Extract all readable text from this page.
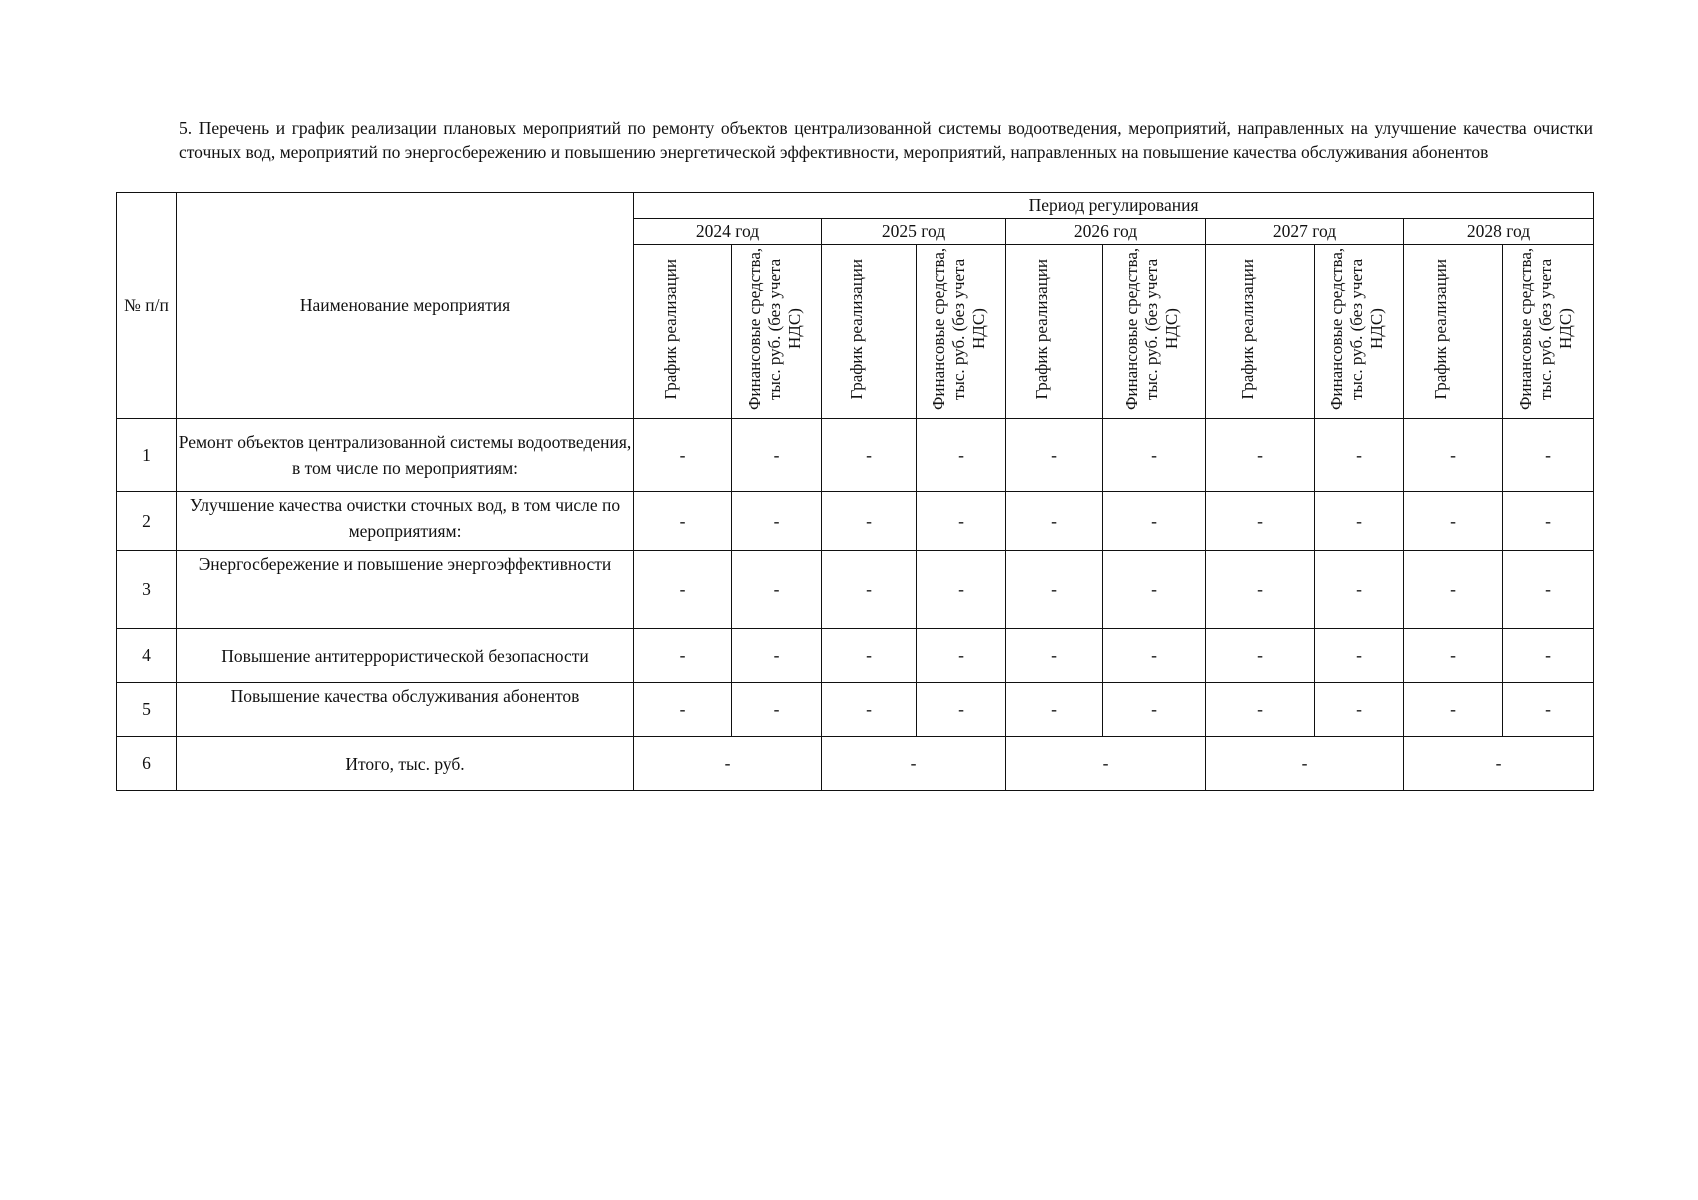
5. Перечень и график реализации плановых мероприятий по ремонту объектов централизованной системы водоотведения, мероприятий, направленных на улучшение качества очистки сточных вод, мероприятий по энергосбережению и повышению энергетической эффективности, мероприятий, направленных на повышение качества обслуживания абонентов
№ п/п	Наименование мероприятия	Период регулирования									
		2024 год		2025 год		2026 год		2027 год		2028 год	
		График реализации	Финансовые средства, тыс. руб. (без учета НДС)	График реализации	Финансовые средства, тыс. руб. (без учета НДС)	График реализации	Финансовые средства, тыс. руб. (без учета НДС)	График реализации	Финансовые средства, тыс. руб. (без учета НДС)	График реализации	Финансовые средства, тыс. руб. (без учета НДС)
1	Ремонт объектов централизованной системы водоотведения, в том числе по мероприятиям:	-	-	-	-	-	-	-	-	-	-
2	Улучшение качества очистки сточных вод, в том числе по мероприятиям:	-	-	-	-	-	-	-	-	-	-
3	Энергосбережение и повышение энергоэффективности	-	-	-	-	-	-	-	-	-	-
4	Повышение антитеррористической безопасности	-	-	-	-	-	-	-	-	-	-
5	Повышение качества обслуживания абонентов	-	-	-	-	-	-	-	-	-	-
6	Итого, тыс. руб.	-		-		-		-		-	
